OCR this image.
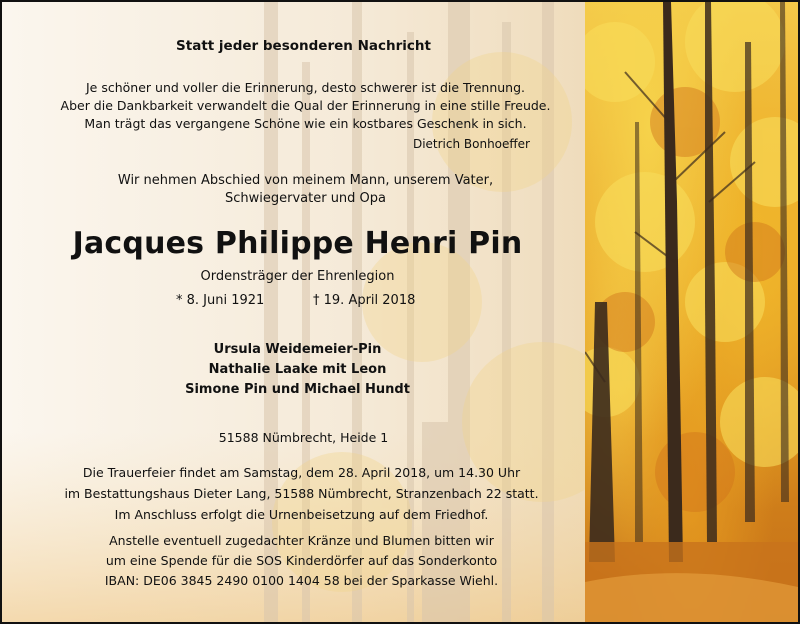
Statt jeder besonderen Nachricht
Je schöner und voller die Erinnerung, desto schwerer ist die Trennung.
Aber die Dankbarkeit verwandelt die Qual der Erinnerung in eine stille Freude.
Man trägt das vergangene Schöne wie ein kostbares Geschenk in sich.
Dietrich Bonhoeffer
Wir nehmen Abschied von meinem Mann, unserem Vater,
Schwiegervater und Opa
Jacques Philippe Henri Pin
Ordensträger der Ehrenlegion
* 8. Juni 1921	† 19. April 2018
Ursula Weidemeier-Pin
Nathalie Laake mit Leon
Simone Pin und Michael Hundt
51588 Nümbrecht, Heide 1
Die Trauerfeier findet am Samstag, dem 28. April 2018, um 14.30 Uhr
im Bestattungshaus Dieter Lang, 51588 Nümbrecht, Stranzenbach 22 statt.
Im Anschluss erfolgt die Urnenbeisetzung auf dem Friedhof.
Anstelle eventuell zugedachter Kränze und Blumen bitten wir
um eine Spende für die SOS Kinderdörfer auf das Sonderkonto
IBAN: DE06 3845 2490 0100 1404 58 bei der Sparkasse Wiehl.
